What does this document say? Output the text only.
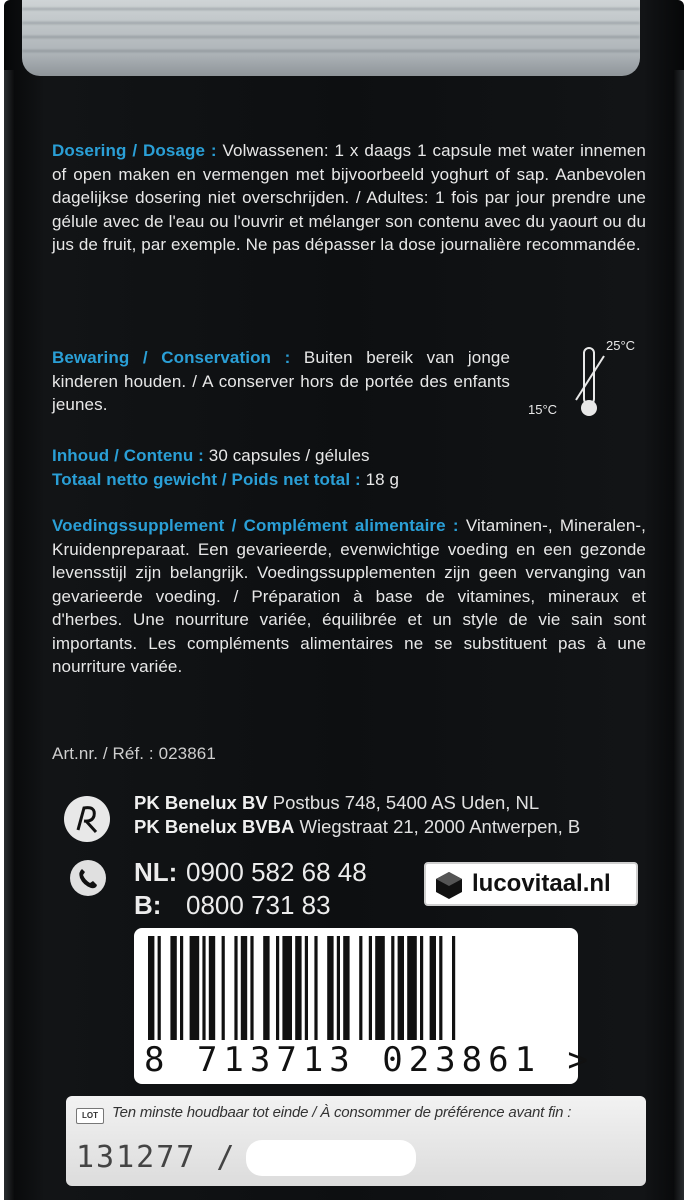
Dosering / Dosage : Volwassenen: 1 x daags 1 capsule met water innemen of open maken en vermengen met bijvoorbeeld yoghurt of sap. Aanbevolen dagelijkse dosering niet overschrijden. / Adultes: 1 fois par jour prendre une gélule avec de l'eau ou l'ouvrir et mélanger son contenu avec du yaourt ou du jus de fruit, par exemple. Ne pas dépasser la dose journalière recommandée.

Bewaring / Conservation : Buiten bereik van jonge kinderen houden. / A conserver hors de portée des enfants jeunes.

25°C
15°C

Inhoud / Contenu : 30 capsules / gélules
Totaal netto gewicht / Poids net total : 18 g

Voedingssupplement / Complément alimentaire : Vitaminen-, Mineralen-, Kruidenpreparaat. Een gevarieerde, evenwichtige voeding en een gezonde levensstijl zijn belangrijk. Voedingssupplementen zijn geen vervanging van gevarieerde voeding. / Préparation à base de vitamines, mineraux et d'herbes. Une nourriture variée, équilibrée et un style de vie sain sont importants. Les compléments alimentaires ne se substituent pas à une nourriture variée.

Art.nr. / Réf. : 023861

PK Benelux BV Postbus 748, 5400 AS Uden, NL
PK Benelux BVBA Wiegstraat 21, 2000 Antwerpen, B
NL: 0900 582 68 48
B: 0800 731 83
lucovitaal.nl
8 713713 023861 >
LOT Ten minste houdbaar tot einde / À consommer de préférence avant fin :
131277 /
